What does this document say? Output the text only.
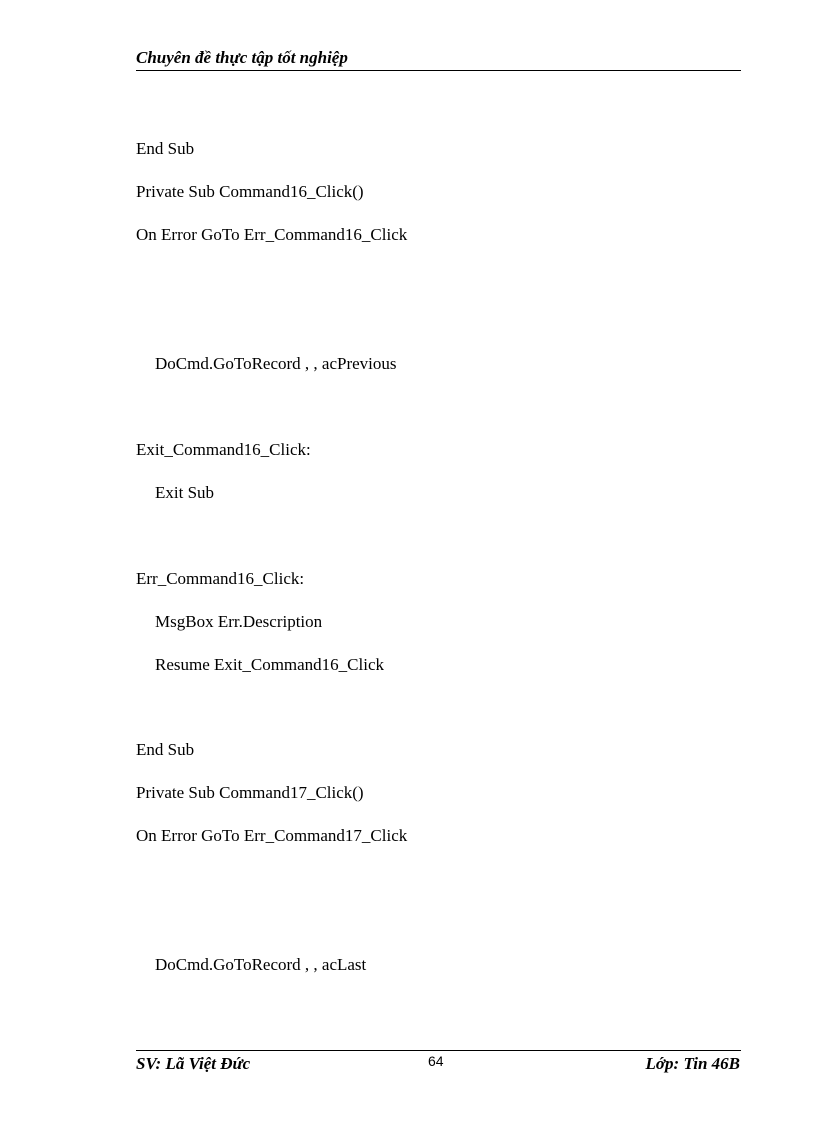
Chuyên đề thực tập tốt nghiệp
End Sub
Private Sub Command16_Click()
On Error GoTo Err_Command16_Click
DoCmd.GoToRecord , , acPrevious
Exit_Command16_Click:
Exit Sub
Err_Command16_Click:
MsgBox Err.Description
Resume Exit_Command16_Click
End Sub
Private Sub Command17_Click()
On Error GoTo Err_Command17_Click
DoCmd.GoToRecord , , acLast
SV: Lã Việt Đức	64	Lớp: Tin 46B
